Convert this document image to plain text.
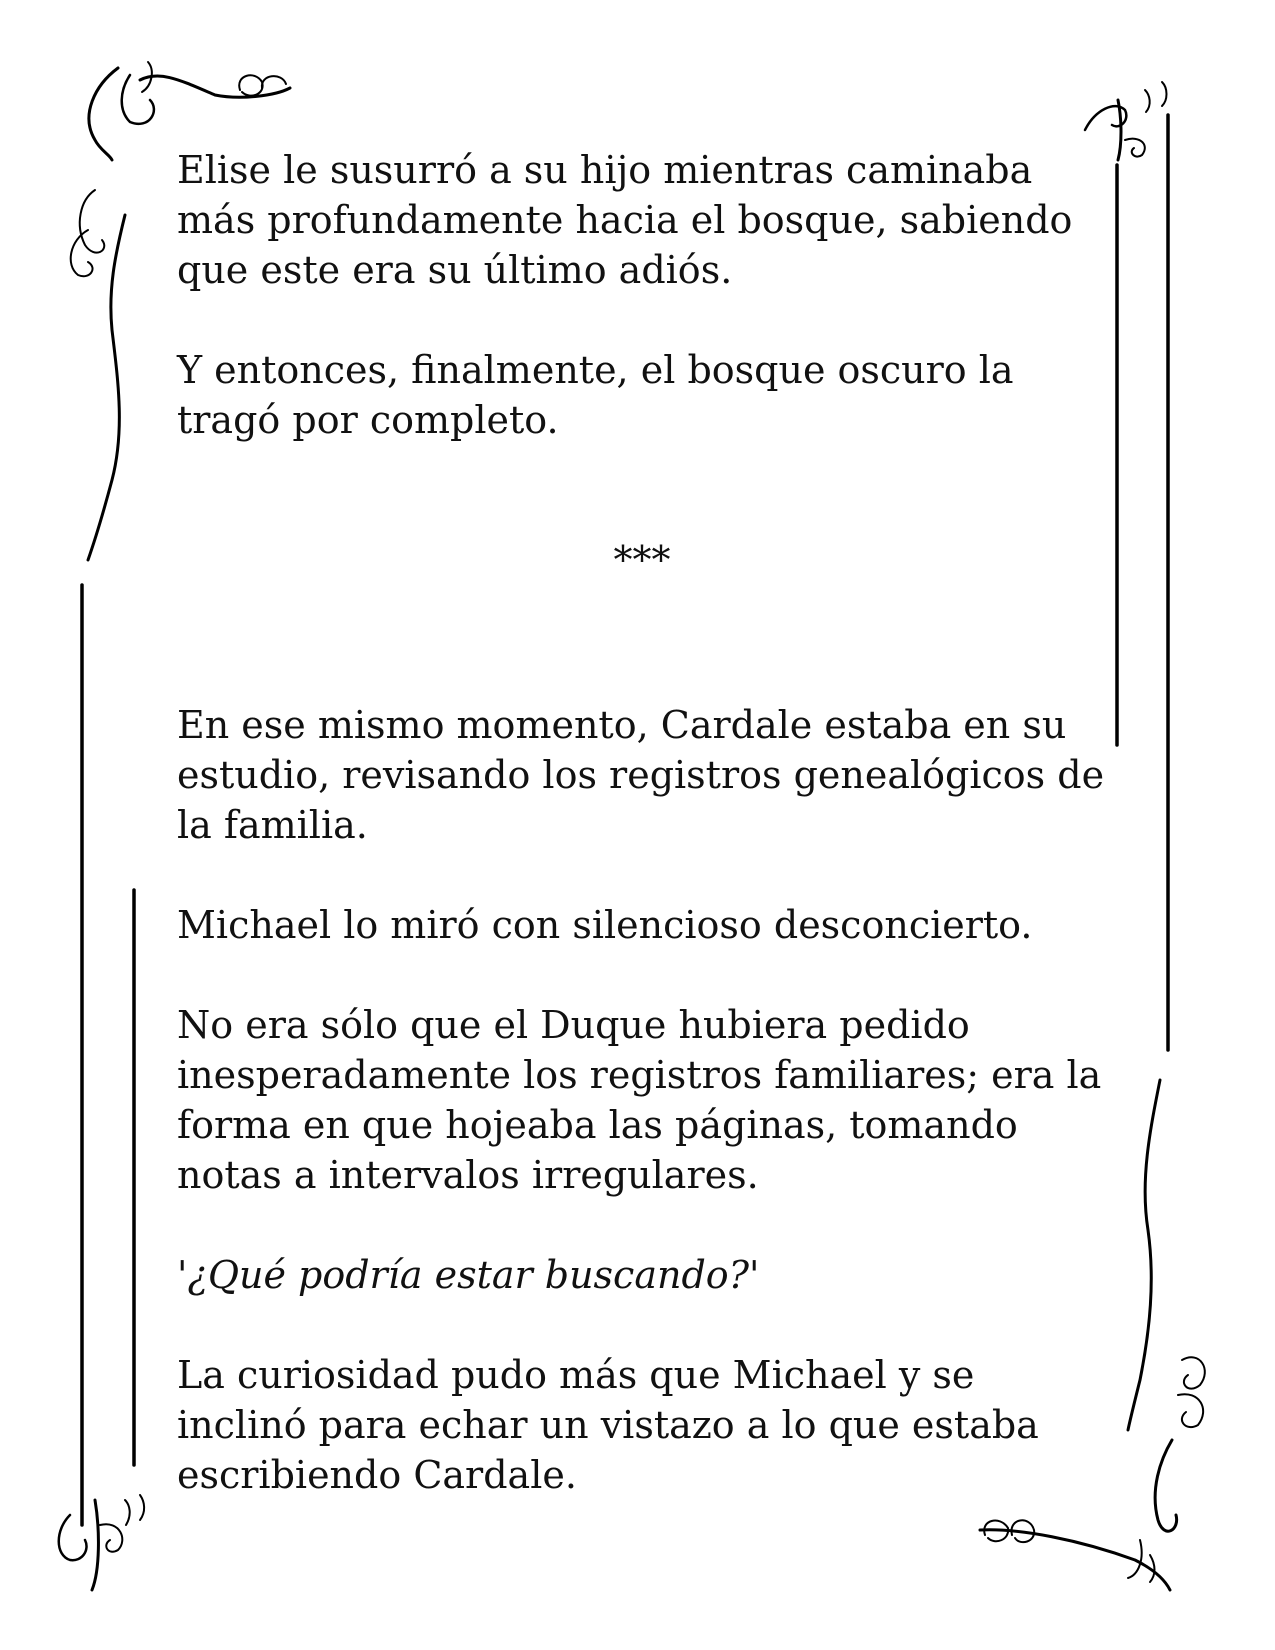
Elise le susurró a su hijo mientras caminaba
más profundamente hacia el bosque, sabiendo
que este era su último adiós.

Y entonces, finalmente, el bosque oscuro la
tragó por completo.

***

En ese mismo momento, Cardale estaba en su
estudio, revisando los registros genealógicos de
la familia.

Michael lo miró con silencioso desconcierto.

No era sólo que el Duque hubiera pedido
inesperadamente los registros familiares; era la
forma en que hojeaba las páginas, tomando
notas a intervalos irregulares.

'¿Qué podría estar buscando?'

La curiosidad pudo más que Michael y se
inclinó para echar un vistazo a lo que estaba
escribiendo Cardale.
